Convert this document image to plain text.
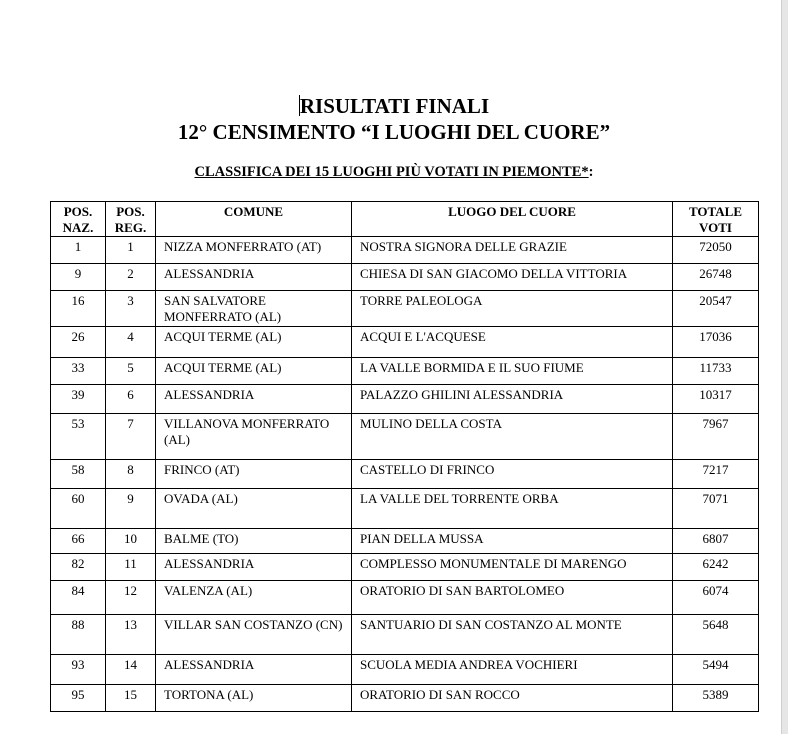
RISULTATI FINALI
12° CENSIMENTO “I LUOGHI DEL CUORE”
CLASSIFICA DEI 15 LUOGHI PIÙ VOTATI IN PIEMONTE*:
POS. NAZ.	POS. REG.	COMUNE	LUOGO DEL CUORE	TOTALE VOTI
1	1	NIZZA MONFERRATO (AT)	NOSTRA SIGNORA DELLE GRAZIE	72050
9	2	ALESSANDRIA	CHIESA DI SAN GIACOMO DELLA VITTORIA	26748
16	3	SAN SALVATORE MONFERRATO (AL)	TORRE PALEOLOGA	20547
26	4	ACQUI TERME (AL)	ACQUI E L'ACQUESE	17036
33	5	ACQUI TERME (AL)	LA VALLE BORMIDA E IL SUO FIUME	11733
39	6	ALESSANDRIA	PALAZZO GHILINI ALESSANDRIA	10317
53	7	VILLANOVA MONFERRATO (AL)	MULINO DELLA COSTA	7967
58	8	FRINCO (AT)	CASTELLO DI FRINCO	7217
60	9	OVADA (AL)	LA VALLE DEL TORRENTE ORBA	7071
66	10	BALME (TO)	PIAN DELLA MUSSA	6807
82	11	ALESSANDRIA	COMPLESSO MONUMENTALE DI MARENGO	6242
84	12	VALENZA (AL)	ORATORIO DI SAN BARTOLOMEO	6074
88	13	VILLAR SAN COSTANZO (CN)	SANTUARIO DI SAN COSTANZO AL MONTE	5648
93	14	ALESSANDRIA	SCUOLA MEDIA ANDREA VOCHIERI	5494
95	15	TORTONA (AL)	ORATORIO DI SAN ROCCO	5389
